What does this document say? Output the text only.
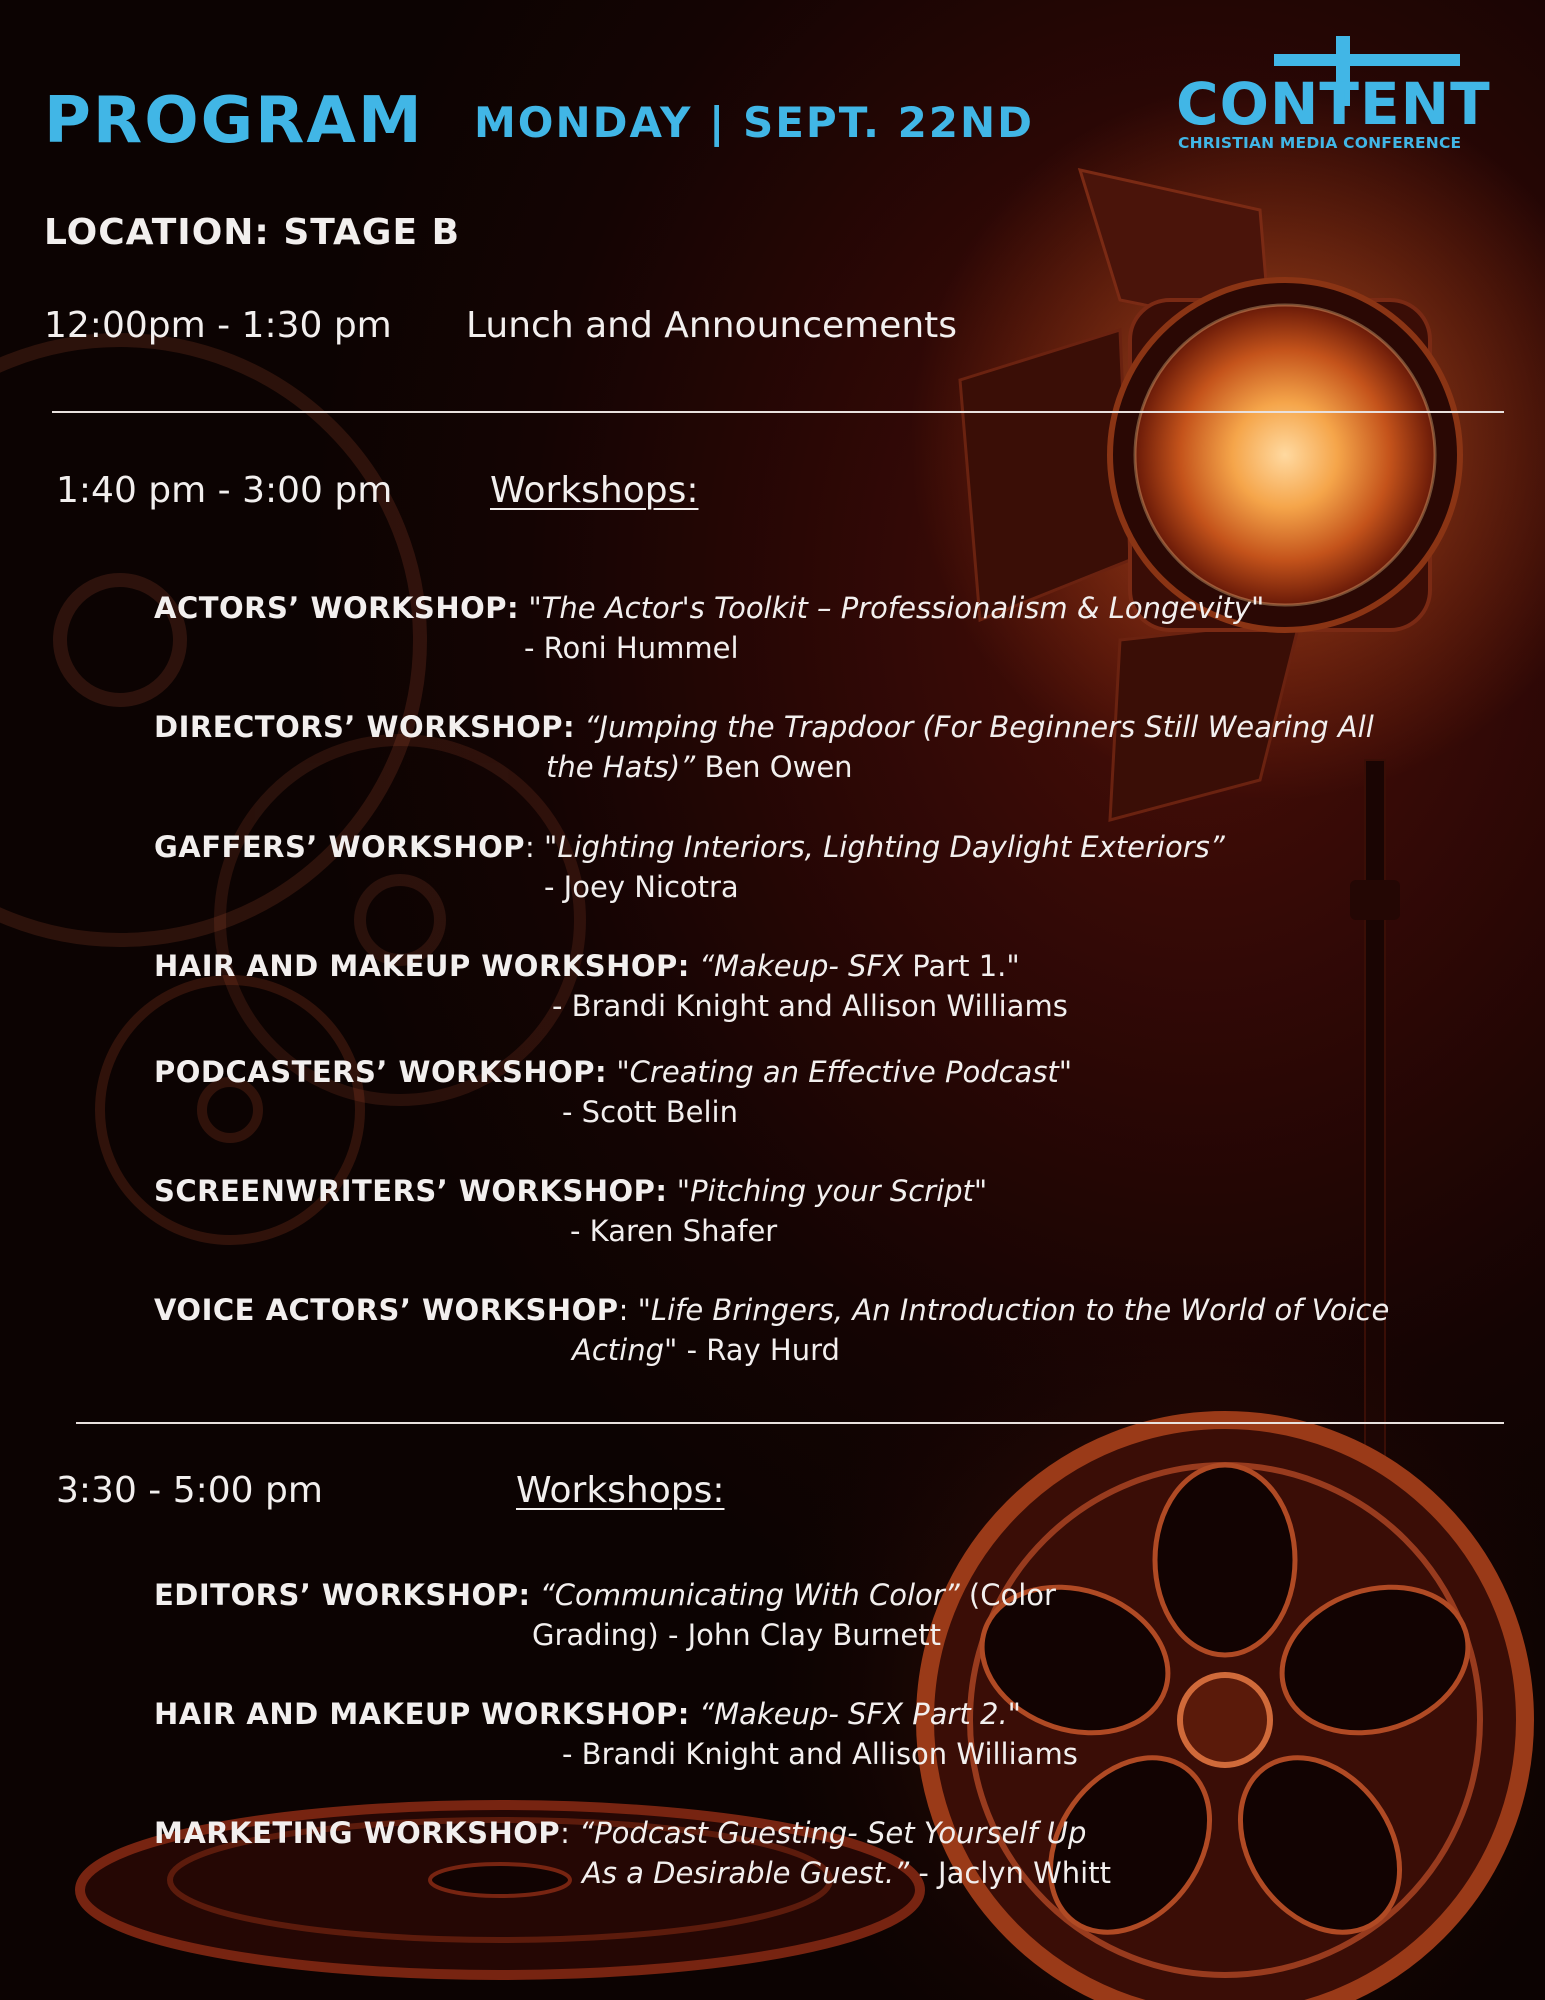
PROGRAM MONDAY | SEPT. 22ND CONTENT
CHRISTIAN MEDIA CONFERENCE
LOCATION: STAGE B
12:00pm - 1:30 pm Lunch and Announcements
1:40 pm - 3:00 pm	Workshops:
ACTORS’ WORKSHOP: "The Actor's Toolkit – Professionalism & Longevity"
- Roni Hummel
DIRECTORS’ WORKSHOP: “Jumping the Trapdoor (For Beginners Still Wearing All
the Hats)” Ben Owen
GAFFERS’ WORKSHOP: "Lighting Interiors, Lighting Daylight Exteriors”
- Joey Nicotra
HAIR AND MAKEUP WORKSHOP: “Makeup- SFX Part 1."
- Brandi Knight and Allison Williams
PODCASTERS’ WORKSHOP: "Creating an Effective Podcast"
- Scott Belin
SCREENWRITERS’ WORKSHOP: "Pitching your Script"
- Karen Shafer
VOICE ACTORS’ WORKSHOP: "Life Bringers, An Introduction to the World of Voice
Acting" - Ray Hurd
3:30 - 5:00 pm	Workshops:
EDITORS’ WORKSHOP: “Communicating With Color” (Color
Grading) - John Clay Burnett
HAIR AND MAKEUP WORKSHOP: “Makeup- SFX Part 2."
- Brandi Knight and Allison Williams
MARKETING WORKSHOP: “Podcast Guesting- Set Yourself Up
As a Desirable Guest.” - Jaclyn Whitt
